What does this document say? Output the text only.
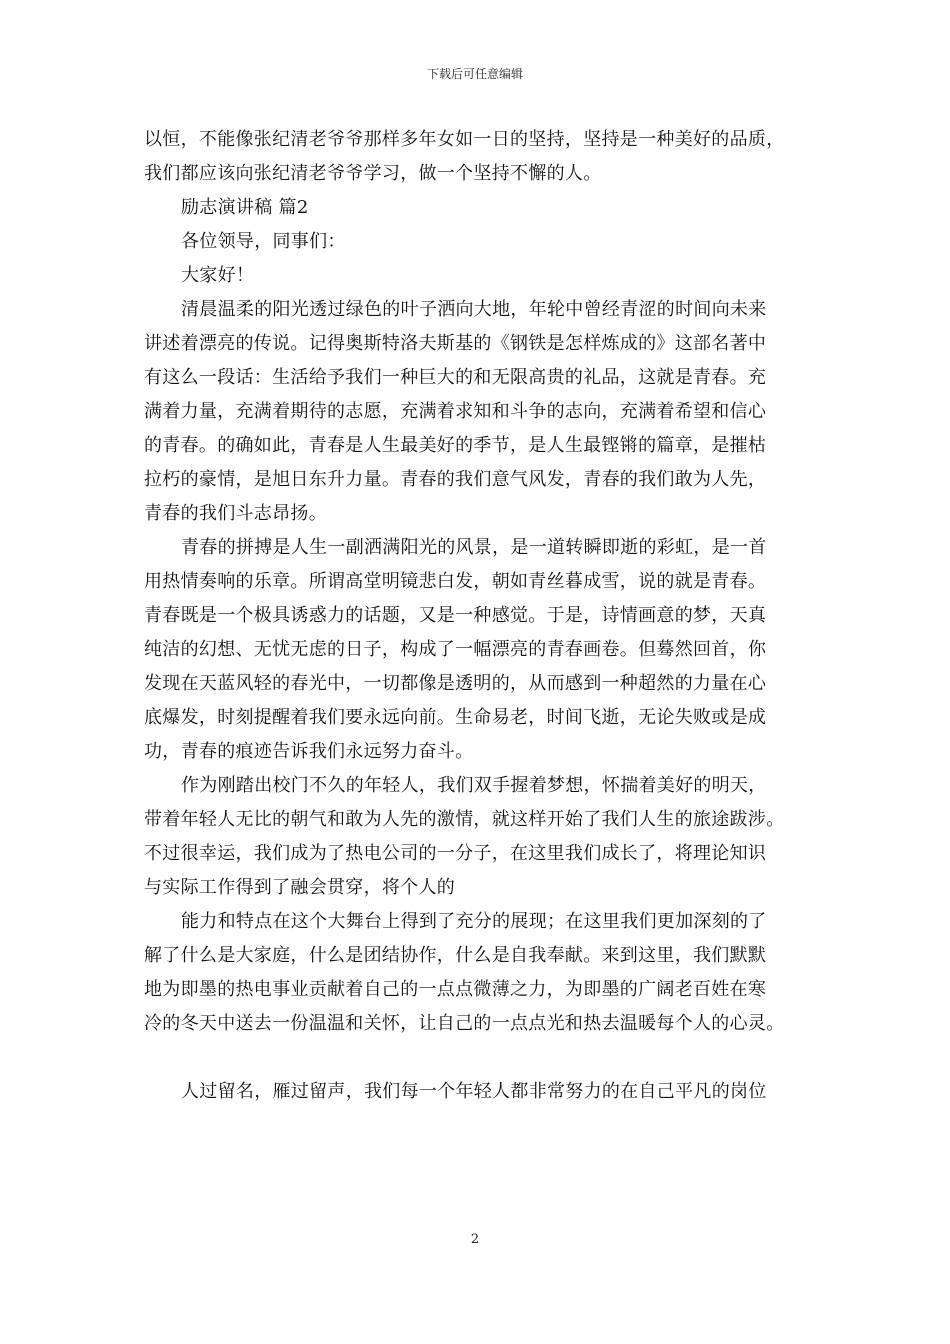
下载后可任意编辑
以恒，不能像张纪清老爷爷那样多年女如一日的坚持，坚持是一种美好的品质，
我们都应该向张纪清老爷爷学习，做一个坚持不懈的人。
励志演讲稿 篇2
各位领导，同事们：
大家好！
清晨温柔的阳光透过绿色的叶子洒向大地，年轮中曾经青涩的时间向未来
讲述着漂亮的传说。记得奥斯特洛夫斯基的《钢铁是怎样炼成的》这部名著中
有这么一段话：生活给予我们一种巨大的和无限高贵的礼品，这就是青春。充
满着力量，充满着期待的志愿，充满着求知和斗争的志向，充满着希望和信心
的青春。的确如此，青春是人生最美好的季节，是人生最铿锵的篇章，是摧枯
拉朽的豪情，是旭日东升力量。青春的我们意气风发，青春的我们敢为人先，
青春的我们斗志昂扬。
青春的拼搏是人生一副洒满阳光的风景，是一道转瞬即逝的彩虹，是一首
用热情奏响的乐章。所谓高堂明镜悲白发，朝如青丝暮成雪，说的就是青春。
青春既是一个极具诱惑力的话题，又是一种感觉。于是，诗情画意的梦，天真
纯洁的幻想、无忧无虑的日子，构成了一幅漂亮的青春画卷。但蓦然回首，你
发现在天蓝风轻的春光中，一切都像是透明的，从而感到一种超然的力量在心
底爆发，时刻提醒着我们要永远向前。生命易老，时间飞逝，无论失败或是成
功，青春的痕迹告诉我们永远努力奋斗。
作为刚踏出校门不久的年轻人，我们双手握着梦想，怀揣着美好的明天，
带着年轻人无比的朝气和敢为人先的激情，就这样开始了我们人生的旅途跋涉。
不过很幸运，我们成为了热电公司的一分子，在这里我们成长了，将理论知识
与实际工作得到了融会贯穿，将个人的
能力和特点在这个大舞台上得到了充分的展现；在这里我们更加深刻的了
解了什么是大家庭，什么是团结协作，什么是自我奉献。来到这里，我们默默
地为即墨的热电事业贡献着自己的一点点微薄之力，为即墨的广阔老百姓在寒
冷的冬天中送去一份温温和关怀，让自己的一点点光和热去温暖每个人的心灵。
人过留名，雁过留声，我们每一个年轻人都非常努力的在自己平凡的岗位
2
